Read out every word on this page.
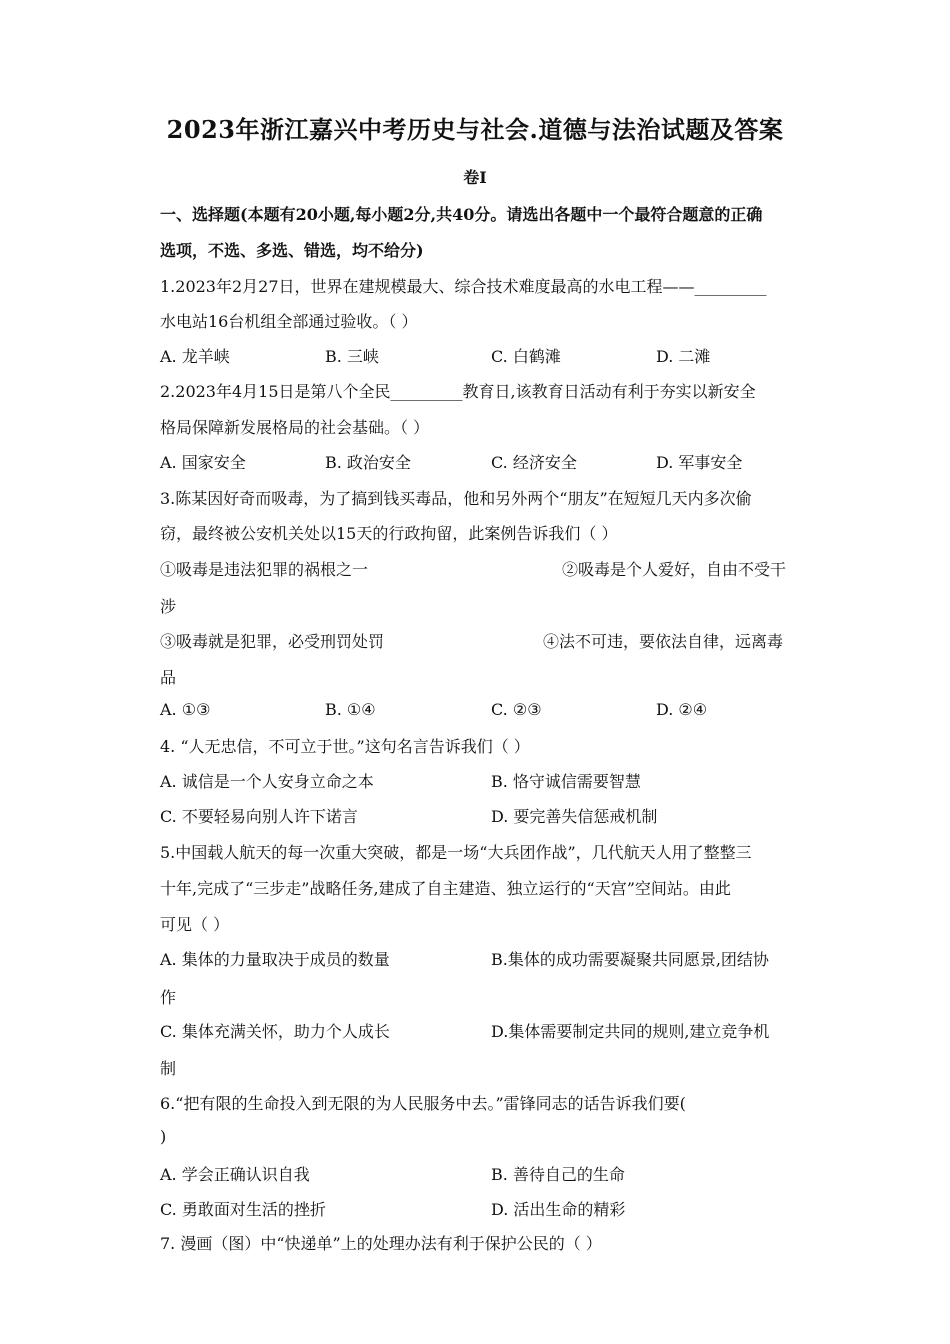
2023年浙江嘉兴中考历史与社会.道德与法治试题及答案
卷Ⅰ
一、选择题(本题有20小题,每小题2分,共40分。请选出各题中一个最符合题意的正确
选项，不选、多选、错选，均不给分)
1.2023年2月27日，世界在建规模最大、综合技术难度最高的水电工程——_________
水电站16台机组全部通过验收。（ ）
A. 龙羊峡	B. 三峡	C. 白鹤滩	D. 二滩
2.2023年4月15日是第八个全民_________教育日,该教育日活动有利于夯实以新安全
格局保障新发展格局的社会基础。（ ）
A. 国家安全	B. 政治安全	C. 经济安全	D. 军事安全
3.陈某因好奇而吸毒，为了搞到钱买毒品，他和另外两个“朋友”在短短几天内多次偷
窃，最终被公安机关处以15天的行政拘留，此案例告诉我们（ ）
①吸毒是违法犯罪的祸根之一	②吸毒是个人爱好，自由不受干
涉
③吸毒就是犯罪，必受刑罚处罚	④法不可违，要依法自律，远离毒
品
A. ①③	B. ①④	C. ②③	D. ②④
4. “人无忠信，不可立于世。”这句名言告诉我们（ ）
A. 诚信是一个人安身立命之本	B. 恪守诚信需要智慧
C. 不要轻易向别人许下诺言	D. 要完善失信惩戒机制
5.中国载人航天的每一次重大突破，都是一场“大兵团作战”，几代航天人用了整整三
十年,完成了“三步走”战略任务,建成了自主建造、独立运行的“天宫”空间站。由此
可见（ ）
A. 集体的力量取决于成员的数量	B.集体的成功需要凝聚共同愿景,团结协
作
C. 集体充满关怀，助力个人成长	D.集体需要制定共同的规则,建立竞争机
制
6.“把有限的生命投入到无限的为人民服务中去。”雷锋同志的话告诉我们要(
)
A. 学会正确认识自我	B. 善待自己的生命
C. 勇敢面对生活的挫折	D. 活出生命的精彩
7. 漫画（图）中“快递单”上的处理办法有利于保护公民的（ ）
